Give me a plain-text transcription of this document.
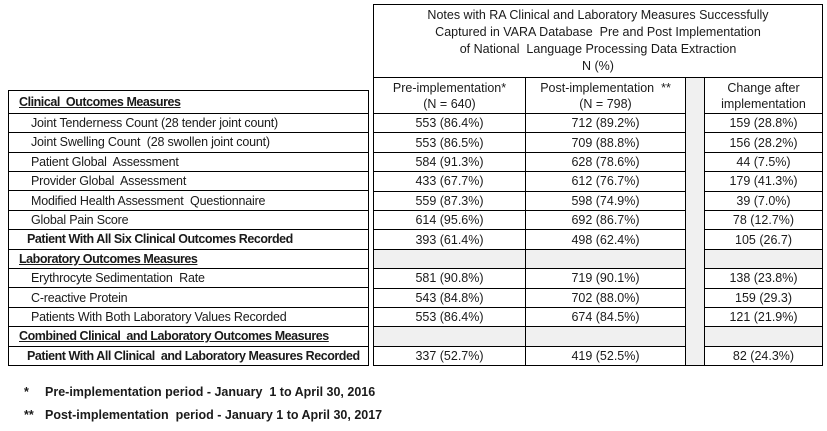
Notes with RA Clinical and Laboratory Measures Successfully
Captured in VARA Database  Pre and Post Implementation
of National  Language Processing Data Extraction
N (%)
Clinical  Outcomes Measures
Joint Tenderness Count (28 tender joint count)
Joint Swelling Count  (28 swollen joint count)
Patient Global  Assessment
Provider Global  Assessment
Modified Health Assessment  Questionnaire
Global Pain Score
Patient With All Six Clinical Outcomes Recorded
Laboratory Outcomes Measures
Erythrocyte Sedimentation  Rate
C-reactive Protein
Patients With Both Laboratory Values Recorded
Combined Clinical  and Laboratory Outcomes Measures
Patient With All Clinical  and Laboratory Measures Recorded
Pre-implementation*
(N = 640)
553 (86.4%)
553 (86.5%)
584 (91.3%)
433 (67.7%)
559 (87.3%)
614 (95.6%)
393 (61.4%)
581 (90.8%)
543 (84.8%)
553 (86.4%)
337 (52.7%)
Post-implementation  **
(N = 798)
712 (89.2%)
709 (88.8%)
628 (78.6%)
612 (76.7%)
598 (74.9%)
692 (86.7%)
498 (62.4%)
719 (90.1%)
702 (88.0%)
674 (84.5%)
419 (52.5%)
Change after
implementation
159 (28.8%)
156 (28.2%)
44 (7.5%)
179 (41.3%)
39 (7.0%)
78 (12.7%)
105 (26.7)
138 (23.8%)
159 (29.3)
121 (21.9%)
82 (24.3%)
*	Pre-implementation period - January  1 to April 30, 2016
** Post-implementation  period - January 1 to April 30, 2017
